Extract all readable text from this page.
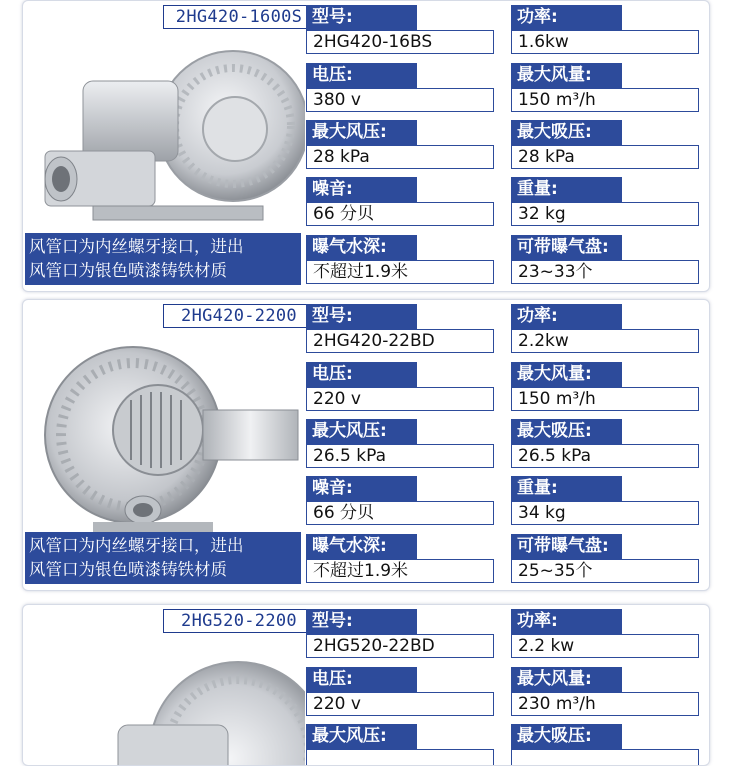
2HG420-1600S
风管口为内丝螺牙接口，进出
风管口为银色喷漆铸铁材质
型号:
2HG420-16BS
功率:
1.6kw
电压:
380 v
最大风量:
150 m³/h
最大风压:
28 kPa
最大吸压:
28 kPa
噪音:
66 分贝
重量:
32 kg
曝气水深:
不超过1.9米
可带曝气盘:
23~33个
2HG420-2200
风管口为内丝螺牙接口，进出
风管口为银色喷漆铸铁材质
型号:
2HG420-22BD
功率:
2.2kw
电压:
220 v
最大风量:
150 m³/h
最大风压:
26.5 kPa
最大吸压:
26.5 kPa
噪音:
66 分贝
重量:
34 kg
曝气水深:
不超过1.9米
可带曝气盘:
25~35个
2HG520-2200 型号:
2HG520-22BD
功率:
2.2 kw
电压:
220 v
最大风量:
230 m³/h
最大风压:	最大吸压:
